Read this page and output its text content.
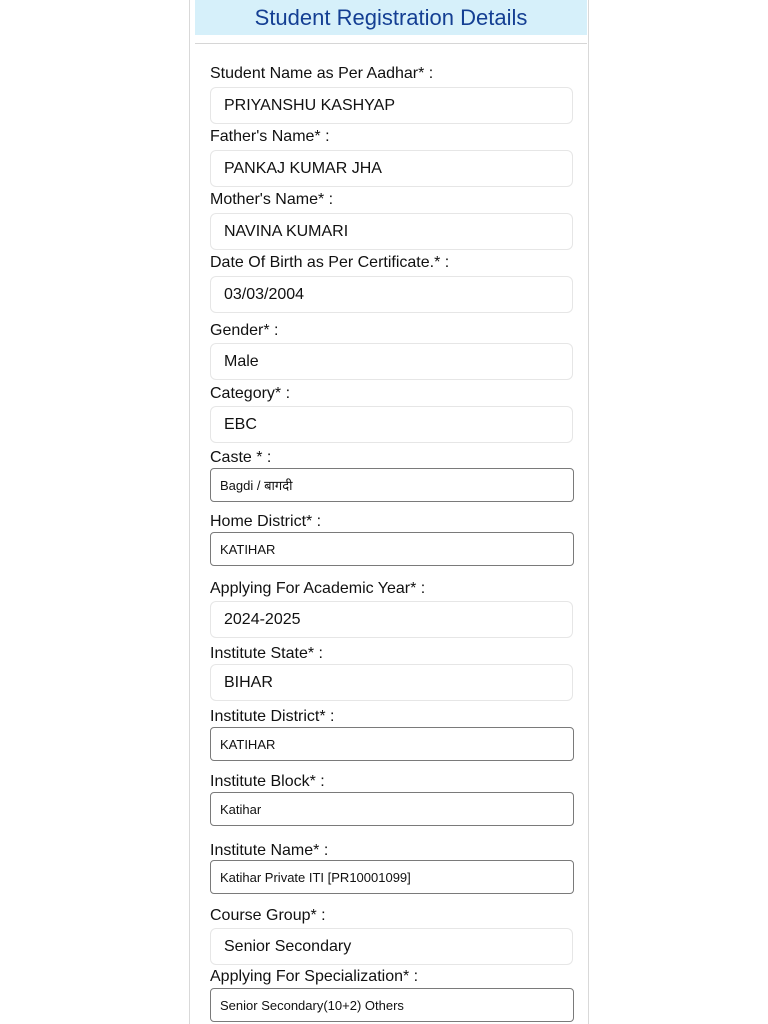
Student Registration Details
Student Name as Per Aadhar* :
PRIYANSHU KASHYAP
Father's Name* :
PANKAJ KUMAR JHA
Mother's Name* :
NAVINA KUMARI
Date Of Birth as Per Certificate.* :
03/03/2004
Gender* :
Male
Category* :
EBC
Caste * :
Bagdi / बागदी
Home District* :
KATIHAR
Applying For Academic Year* :
2024-2025
Institute State* :
BIHAR
Institute District* :
KATIHAR
Institute Block* :
Katihar
Institute Name* :
Katihar Private ITI [PR10001099]
Course Group* :
Senior Secondary
Applying For Specialization* :
Senior Secondary(10+2) Others
